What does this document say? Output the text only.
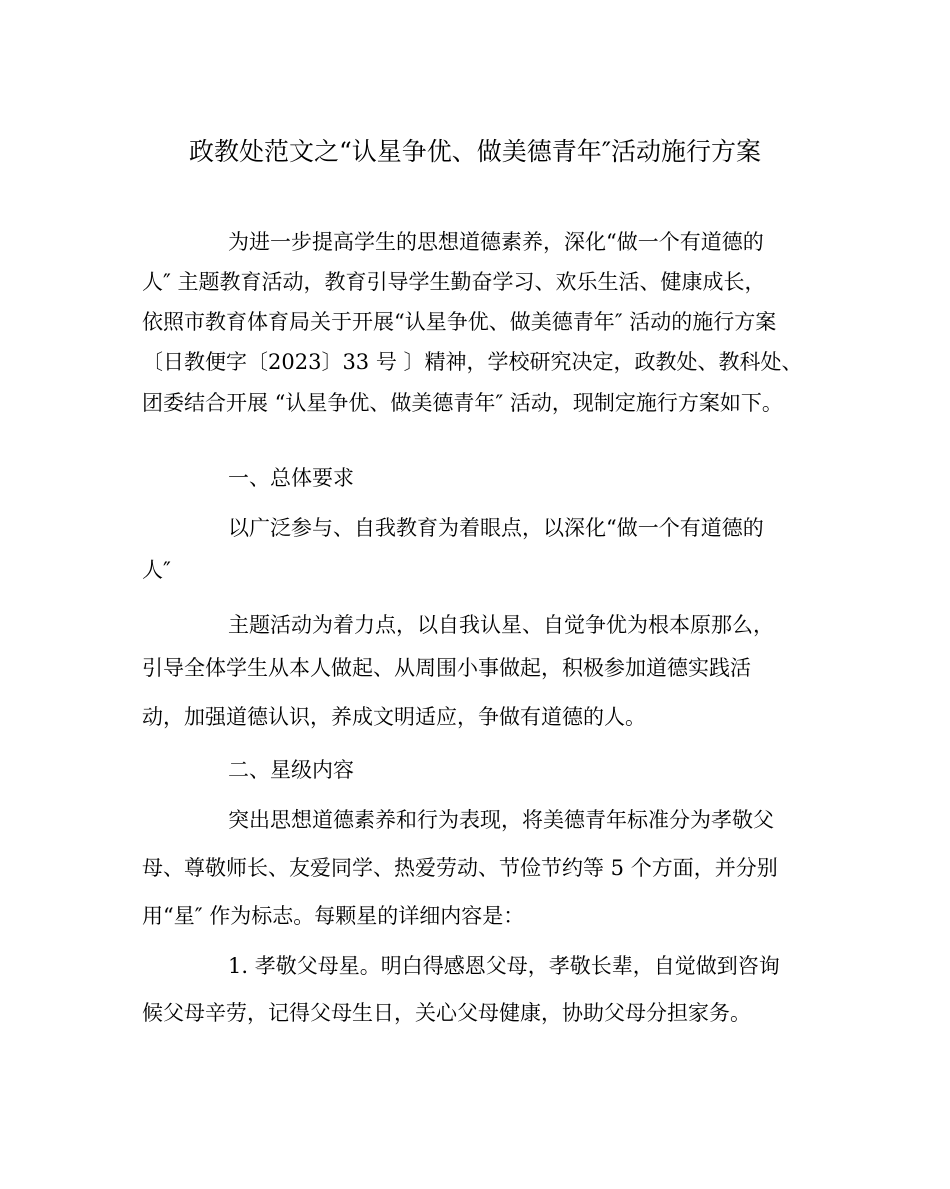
政教处范文之“认星争优、做美德青年″活动施行方案

为进一步提高学生的思想道德素养，深化“做一个有道德的

人″ 主题教育活动，教育引导学生勤奋学习、欢乐生活、健康成长，

依照市教育体育局关于开展“认星争优、做美德青年″ 活动的施行方案

〔日教便字〔2023〕33 号 〕精神，学校研究决定，政教处、教科处、

团委结合开展 “认星争优、做美德青年″ 活动，现制定施行方案如下。

一、总体要求

以广泛参与、自我教育为着眼点，以深化“做一个有道德的

人″

主题活动为着力点，以自我认星、自觉争优为根本原那么，

引导全体学生从本人做起、从周围小事做起，积极参加道德实践活

动，加强道德认识，养成文明适应，争做有道德的人。

二、星级内容

突出思想道德素养和行为表现，将美德青年标准分为孝敬父

母、尊敬师长、友爱同学、热爱劳动、节俭节约等 5 个方面，并分别

用“星″ 作为标志。每颗星的详细内容是：

1. 孝敬父母星。明白得感恩父母，孝敬长辈，自觉做到咨询

候父母辛劳，记得父母生日，关心父母健康，协助父母分担家务。
